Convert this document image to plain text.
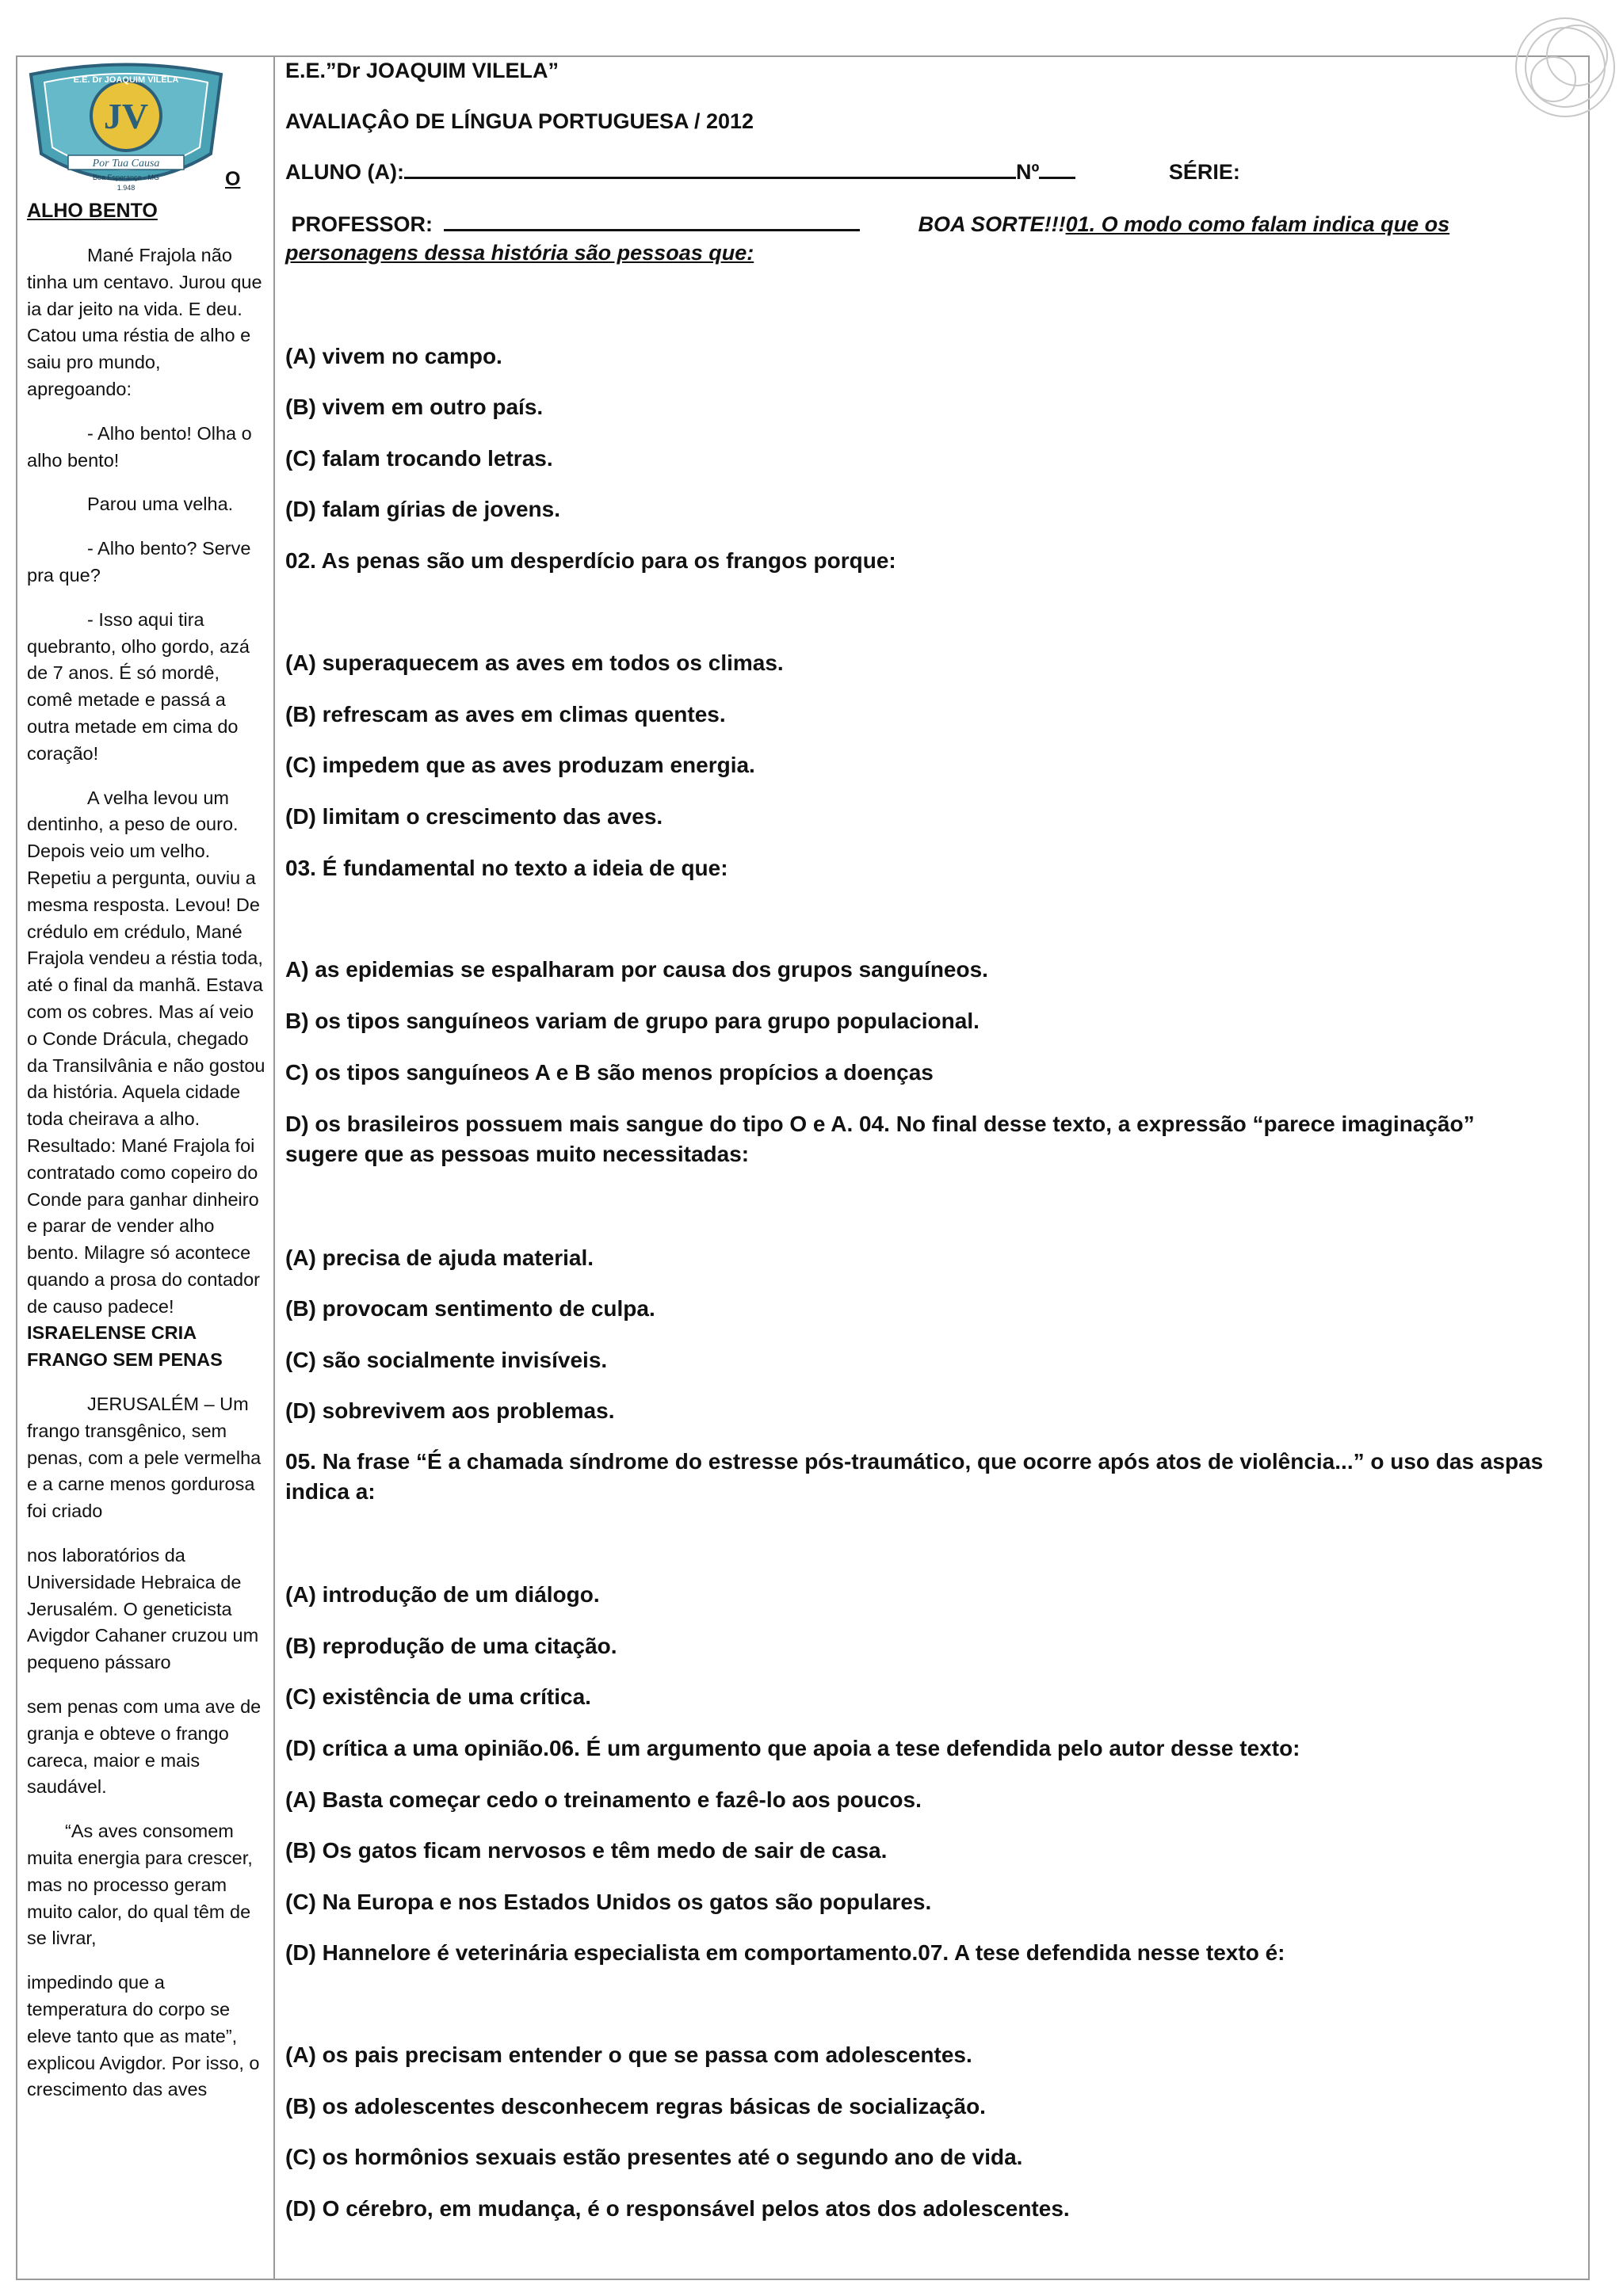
JV
E.E. Dr JOAQUIM VILELA
Por Tua Causa
Boa Esperança - MG
1.948	O
ALHO BENTO

Mané Frajola não tinha um centavo. Jurou que ia dar jeito na vida. E deu. Catou uma réstia de alho e saiu pro mundo, apregoando:

- Alho bento! Olha o alho bento!

Parou uma velha.

- Alho bento? Serve pra que?

- Isso aqui tira quebranto, olho gordo, azá de 7 anos. É só mordê, comê metade e passá a outra metade em cima do coração!

A velha levou um dentinho, a peso de ouro. Depois veio um velho. Repetiu a pergunta, ouviu a mesma resposta. Levou! De crédulo em crédulo, Mané Frajola vendeu a réstia toda, até o final da manhã. Estava com os cobres. Mas aí veio o Conde Drácula, chegado da Transilvânia e não gostou da história. Aquela cidade toda cheirava a alho. Resultado: Mané Frajola foi contratado como copeiro do Conde para ganhar dinheiro e parar de vender alho bento. Milagre só acontece quando a prosa do contador de causo padece!  ISRAELENSE CRIA FRANGO SEM PENAS

JERUSALÉM – Um frango transgênico, sem penas, com a pele vermelha e a carne menos gordurosa foi criado

nos laboratórios da Universidade Hebraica de Jerusalém. O geneticista Avigdor Cahaner cruzou um pequeno pássaro

sem penas com uma ave de granja e obteve o frango careca, maior e mais saudável.

“As aves consomem muita energia para crescer, mas no processo geram muito calor, do qual têm de se livrar,

impedindo que a temperatura do corpo se eleve tanto que as mate”, explicou Avigdor. Por isso, o crescimento das aves

E.E.”Dr JOAQUIM VILELA”
AVALIAÇÂO DE LÍNGUA PORTUGUESA / 2012
ALUNO (A):	Nº	SÉRIE:
PROFESSOR:	BOA SORTE!!!01. O modo como falam indica que os
personagens dessa história são pessoas que:
(A) vivem no campo.
(B) vivem em outro país.
(C) falam trocando letras.
(D) falam gírias de jovens.
02. As penas são um desperdício para os frangos porque:
(A) superaquecem as aves em todos os climas.
(B) refrescam as aves em climas quentes.
(C) impedem que as aves produzam energia.
(D) limitam o crescimento das aves.
03. É fundamental no texto a ideia de que:
A) as epidemias se espalharam por causa dos grupos sanguíneos.
B) os tipos sanguíneos variam de grupo para grupo populacional.
C) os tipos sanguíneos A e B são menos propícios a doenças
D) os brasileiros possuem mais sangue do tipo O e A. 04. No final desse texto, a expressão “parece imaginação” sugere que as pessoas muito necessitadas:
(A) precisa de ajuda material.
(B) provocam sentimento de culpa.
(C) são socialmente invisíveis.
(D) sobrevivem aos problemas.
05. Na frase “É a chamada síndrome do estresse pós-traumático, que ocorre após atos de violência...” o uso das aspas indica a:
(A) introdução de um diálogo.
(B) reprodução de uma citação.
(C) existência de uma crítica.
(D) crítica a uma opinião.06. É um argumento que apoia a tese defendida pelo autor desse texto:
(A) Basta começar cedo o treinamento e fazê-lo aos poucos.
(B) Os gatos ficam nervosos e têm medo de sair de casa.
(C) Na Europa e nos Estados Unidos os gatos são populares.
(D) Hannelore é veterinária especialista em comportamento.07. A tese defendida nesse texto é:
(A) os pais precisam entender o que se passa com adolescentes.
(B) os adolescentes desconhecem regras básicas de socialização.
(C) os hormônios sexuais estão presentes até o segundo ano de vida.
(D) O cérebro, em mudança, é o responsável pelos atos dos adolescentes.
